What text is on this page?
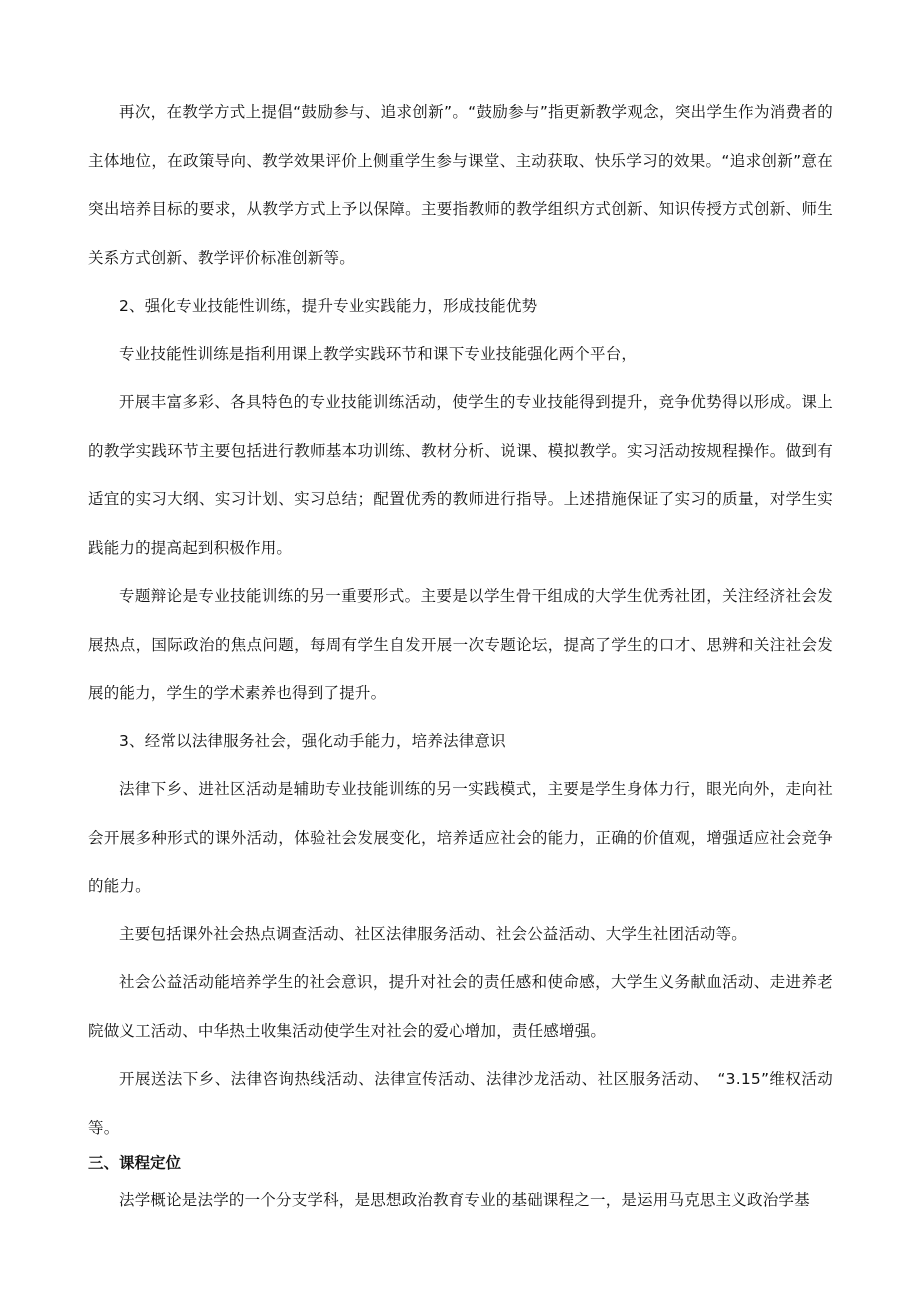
再次，在教学方式上提倡“鼓励参与、追求创新”。“鼓励参与”指更新教学观念，突出学生作为消费者的主体地位，在政策导向、教学效果评价上侧重学生参与课堂、主动获取、快乐学习的效果。“追求创新”意在突出培养目标的要求，从教学方式上予以保障。主要指教师的教学组织方式创新、知识传授方式创新、师生关系方式创新、教学评价标准创新等。

2、强化专业技能性训练，提升专业实践能力，形成技能优势

专业技能性训练是指利用课上教学实践环节和课下专业技能强化两个平台，

开展丰富多彩、各具特色的专业技能训练活动，使学生的专业技能得到提升，竞争优势得以形成。课上的教学实践环节主要包括进行教师基本功训练、教材分析、说课、模拟教学。实习活动按规程操作。做到有适宜的实习大纲、实习计划、实习总结；配置优秀的教师进行指导。上述措施保证了实习的质量，对学生实践能力的提高起到积极作用。

专题辩论是专业技能训练的另一重要形式。主要是以学生骨干组成的大学生优秀社团，关注经济社会发展热点，国际政治的焦点问题，每周有学生自发开展一次专题论坛，提高了学生的口才、思辨和关注社会发展的能力，学生的学术素养也得到了提升。

3、经常以法律服务社会，强化动手能力，培养法律意识

法律下乡、进社区活动是辅助专业技能训练的另一实践模式，主要是学生身体力行，眼光向外，走向社会开展多种形式的课外活动，体验社会发展变化，培养适应社会的能力，正确的价值观，增强适应社会竞争的能力。

主要包括课外社会热点调查活动、社区法律服务活动、社会公益活动、大学生社团活动等。

社会公益活动能培养学生的社会意识，提升对社会的责任感和使命感，大学生义务献血活动、走进养老院做义工活动、中华热土收集活动使学生对社会的爱心增加，责任感增强。

开展送法下乡、法律咨询热线活动、法律宣传活动、法律沙龙活动、社区服务活动、　“3.15”维权活动等。

三、课程定位

法学概论是法学的一个分支学科，是思想政治教育专业的基础课程之一，是运用马克思主义政治学基
